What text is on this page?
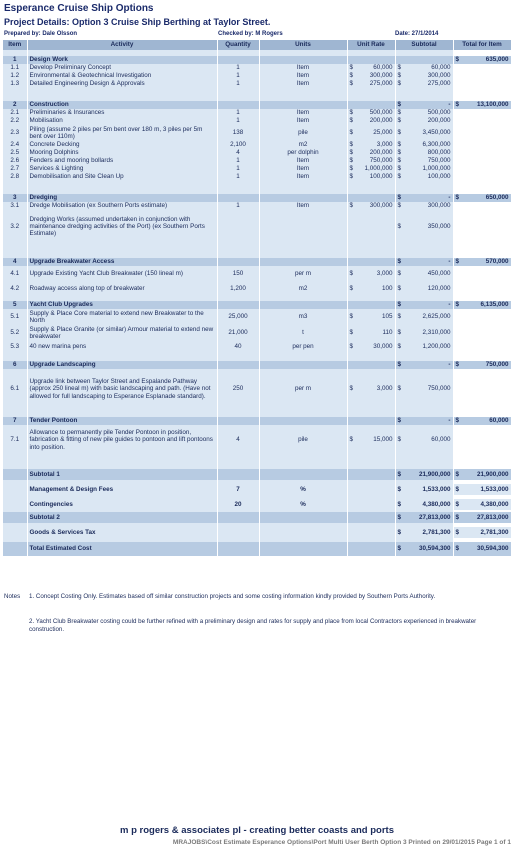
Esperance Cruise Ship Options
Project Details: Option 3 Cruise Ship Berthing at Taylor Street.
Prepared by: Dale Olsson	Checked by: M Rogers	Date: 27/1/2014
Item	Activity	Quantity	Units	Unit Rate	Subtotal	Total for Item

1	Design Work					$ 635,000

1.1	Develop Preliminary Concept	1	Item	$ 60,000	$ 60,000	

1.2	Environmental & Geotechnical Investigation	1	Item	$ 300,000	$ 300,000	

1.3	Detailed Engineering Design & Approvals	1	Item	$ 275,000	$ 275,000	

2	Construction				$ -	$ 13,100,000

2.1	Preliminaries & Insurances	1	Item	$ 500,000	$ 500,000	

2.2	Mobilisation	1	Item	$ 200,000	$ 200,000	

2.3	Piling (assume 2 piles per 5m bent over 180 m, 3 piles per 5m bent over 110m)	138	pile	$ 25,000	$ 3,450,000	

2.4	Concrete Decking	2,100	m2	$ 3,000	$ 6,300,000	

2.5	Mooring Dolphins	4	per dolphin	$ 200,000	$ 800,000	

2.6	Fenders and mooring bollards	1	Item	$ 750,000	$ 750,000	

2.7	Services & Lighting	1	Item	$ 1,000,000	$ 1,000,000	

2.8	Demobilisation and Site Clean Up	1	Item	$ 100,000	$ 100,000	

3	Dredging				$ -	$ 650,000

3.1	Dredge Mobilisation (ex Southern Ports estimate)	1	Item	$ 300,000	$ 300,000	

3.2	Dredging Works (assumed undertaken in conjunction with maintenance dredging activities of the Port) (ex Southern Ports Estimate)				$ 350,000	

4	Upgrade Breakwater Access				$ -	$ 570,000

4.1	Upgrade Existing Yacht Club Breakwater (150 lineal m)	150	per m	$ 3,000	$ 450,000	

4.2	Roadway access along top of breakwater	1,200	m2	$ 100	$ 120,000	

5	Yacht Club Upgrades				$ -	$ 6,135,000

5.1	Supply & Place Core material to extend new Breakwater to the North	25,000	m3	$ 105	$ 2,625,000	

5.2	Supply & Place Granite (or similar) Armour material to extend new breakwater	21,000	t	$ 110	$ 2,310,000	

5.3	40 new marina pens	40	per pen	$ 30,000	$ 1,200,000	

6	Upgrade Landscaping				$ -	$ 750,000

6.1	Upgrade link between Taylor Street and Espalande Pathway (approx 250 lineal m) with basic landscaping and path. (Have not allowed for full landscaping to Esperance Esplanade standard).	250	per m	$ 3,000	$ 750,000	

7	Tender Pontoon				$ -	$ 60,000

7.1	Allowance to permanently pile Tender Pontoon in position, fabrication & fitting of new pile guides to pontoon and lift pontoons into position.	4	pile	$ 15,000	$ 60,000	

	Subtotal 1				$ 21,900,000	$ 21,900,000

	Management & Design Fees	7	%		$ 1,533,000	$ 1,533,000

	Contingencies	20	%		$ 4,380,000	$ 4,380,000

	Subtotal 2				$ 27,813,000	$ 27,813,000

	Goods & Services Tax				$ 2,781,300	$ 2,781,300

	Total Estimated Cost				$ 30,594,300	$ 30,594,300
Notes 1. Concept Costing Only. Estimates based off similar construction projects and some costing information kindly provided by Southern Ports Authority.
2. Yacht Club Breakwater costing could be further refined with a preliminary design and rates for supply and place from local Contractors experienced in breakwater construction.
m p rogers & associates pl - creating better coasts and ports
MRAJOBS\Cost Estimate Esperance Options\Port Multi User Berth Option 3 Printed on 29/01/2015 Page 1 of 1
